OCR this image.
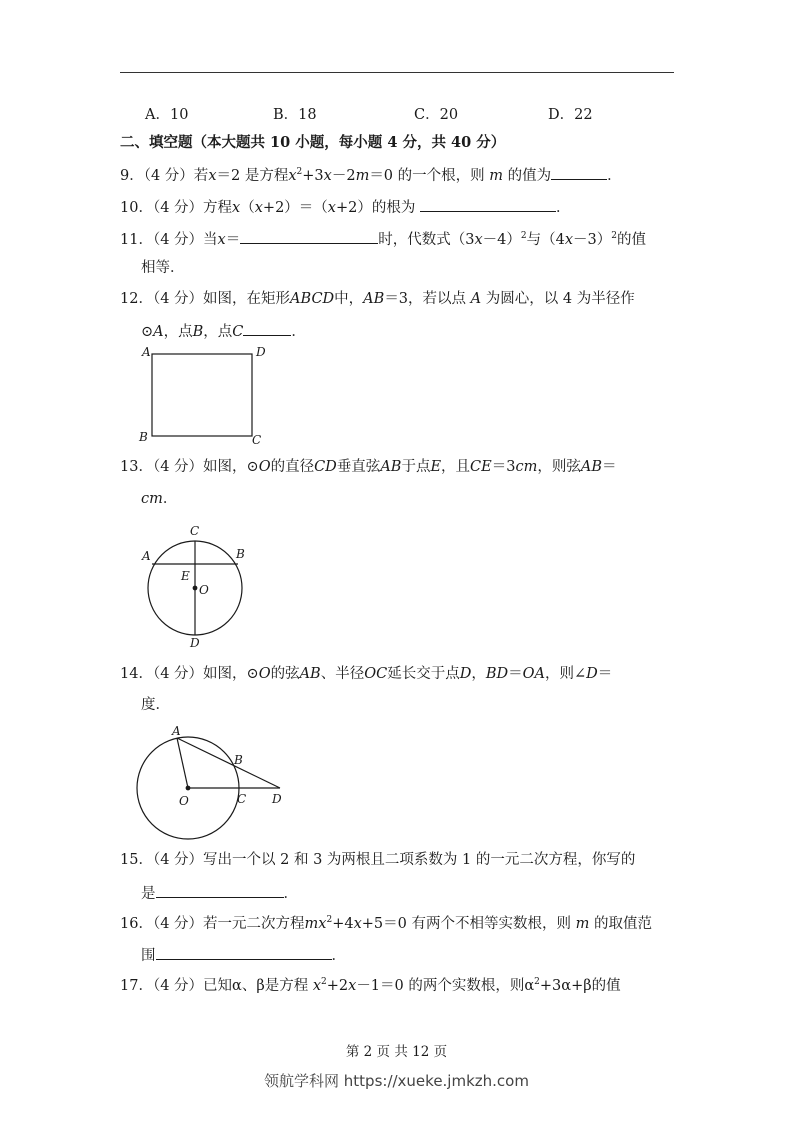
A．10	B．18	C．20	D．22
二、填空题（本大题共 10 小题，每小题 4 分，共 40 分）
9．（4 分）若x＝2 是方程$x^2+3x-2m=0$ 的一个根，则 m 的值为	．
10．（4 分）方程x（x+2）＝（x+2）的根为	．
11．（4 分）当x＝	时，代数式$(3x-4)^2$与$(4x-3)^2$的值
相等．
12．（4 分）如图，在矩形ABCD中，AB＝3，若以点 A 为圆心，以 4 为半径作
⊙A，点B，点C	．
A	D
B	C
13．（4 分）如图，⊙O的直径CD垂直弦AB于点E，且CE＝3cm，则弦AB＝
cm．
C
A	B
E
O
D
14．（4 分）如图，⊙O的弦AB、半径OC延长交于点D，BD＝OA，则∠D＝
度．
A
B
C D
O
15．（4 分）写出一个以 2 和 3 为两根且二项系数为 1 的一元二次方程，你写的
是	．
16．（4 分）若一元二次方程$mx^2+4x+5=0$ 有两个不相等实数根，则 m 的取值范
围	．
17．（4 分）已知α、β是方程 $x^2+2x-1=0$ 的两个实数根，则$\alpha^2+3\alpha+\beta$的值
第 2 页 共 12 页
领航学科网 https://xueke.jmkzh.com
